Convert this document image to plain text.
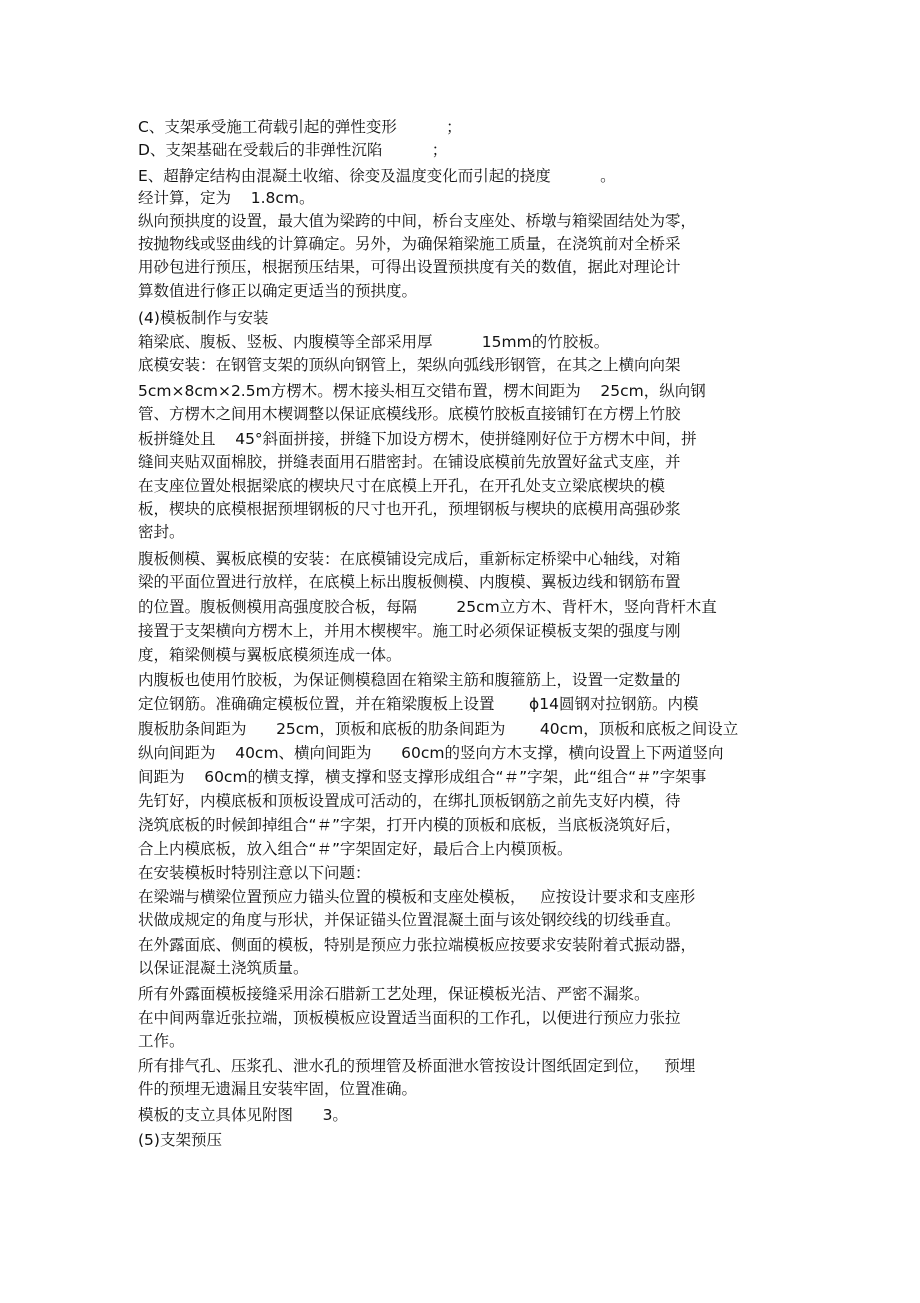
C、支架承受施工荷载引起的弹性变形          ；
D、支架基础在受载后的非弹性沉陷          ；
E、超静定结构由混凝土收缩、徐变及温度变化而引起的挠度          。
经计算，定为    1.8cm。
纵向预拱度的设置，最大值为梁跨的中间，桥台支座处、桥墩与箱梁固结处为零，
按抛物线或竖曲线的计算确定。另外，为确保箱梁施工质量，在浇筑前对全桥采
用砂包进行预压，根据预压结果，可得出设置预拱度有关的数值，据此对理论计
算数值进行修正以确定更适当的预拱度。
(4)模板制作与安装
箱梁底、腹板、竖板、内腹模等全部采用厚          15mm的竹胶板。
底模安装：在钢管支架的顶纵向钢管上，架纵向弧线形钢管，在其之上横向向架
5cm×8cm×2.5m方楞木。楞木接头相互交错布置，楞木间距为    25cm，纵向钢
管、方楞木之间用木楔调整以保证底模线形。底模竹胶板直接铺钉在方楞上竹胶
板拼缝处且    45°斜面拼接，拼缝下加设方楞木，使拼缝刚好位于方楞木中间，拼
缝间夹贴双面棉胶，拼缝表面用石腊密封。在铺设底模前先放置好盆式支座，并
在支座位置处根据梁底的楔块尺寸在底模上开孔，在开孔处支立梁底楔块的模
板，楔块的底模根据预埋钢板的尺寸也开孔，预埋钢板与楔块的底模用高强砂浆
密封。
腹板侧模、翼板底模的安装：在底模铺设完成后，重新标定桥梁中心轴线，对箱
梁的平面位置进行放样，在底模上标出腹板侧模、内腹模、翼板边线和钢筋布置
的位置。腹板侧模用高强度胶合板，每隔        25cm立方木、背杆木，竖向背杆木直
接置于支架横向方楞木上，并用木楔楔牢。施工时必须保证模板支架的强度与刚
度，箱梁侧模与翼板底模须连成一体。
内腹板也使用竹胶板，为保证侧模稳固在箱梁主筋和腹箍筋上，设置一定数量的
定位钢筋。准确确定模板位置，并在箱梁腹板上设置       ϕ14圆钢对拉钢筋。内模
腹板肋条间距为      25cm，顶板和底板的肋条间距为       40cm，顶板和底板之间设立
纵向间距为    40cm、横向间距为      60cm的竖向方木支撑，横向设置上下两道竖向
间距为    60cm的横支撑，横支撑和竖支撑形成组合“＃”字架，此“组合“＃”字架事
先钉好，内模底板和顶板设置成可活动的，在绑扎顶板钢筋之前先支好内模，待
浇筑底板的时候卸掉组合“＃”字架，打开内模的顶板和底板，当底板浇筑好后，
合上内模底板，放入组合“＃”字架固定好，最后合上内模顶板。
在安装模板时特别注意以下问题：
在梁端与横梁位置预应力锚头位置的模板和支座处模板，   应按设计要求和支座形
状做成规定的角度与形状，并保证锚头位置混凝土面与该处钢绞线的切线垂直。
在外露面底、侧面的模板，特别是预应力张拉端模板应按要求安装附着式振动器，
以保证混凝土浇筑质量。
所有外露面模板接缝采用涂石腊新工艺处理，保证模板光洁、严密不漏浆。
在中间两靠近张拉端，顶板模板应设置适当面积的工作孔，以便进行预应力张拉
工作。
所有排气孔、压浆孔、泄水孔的预埋管及桥面泄水管按设计图纸固定到位，   预埋
件的预埋无遗漏且安装牢固，位置准确。
模板的支立具体见附图      3。
(5)支架预压
